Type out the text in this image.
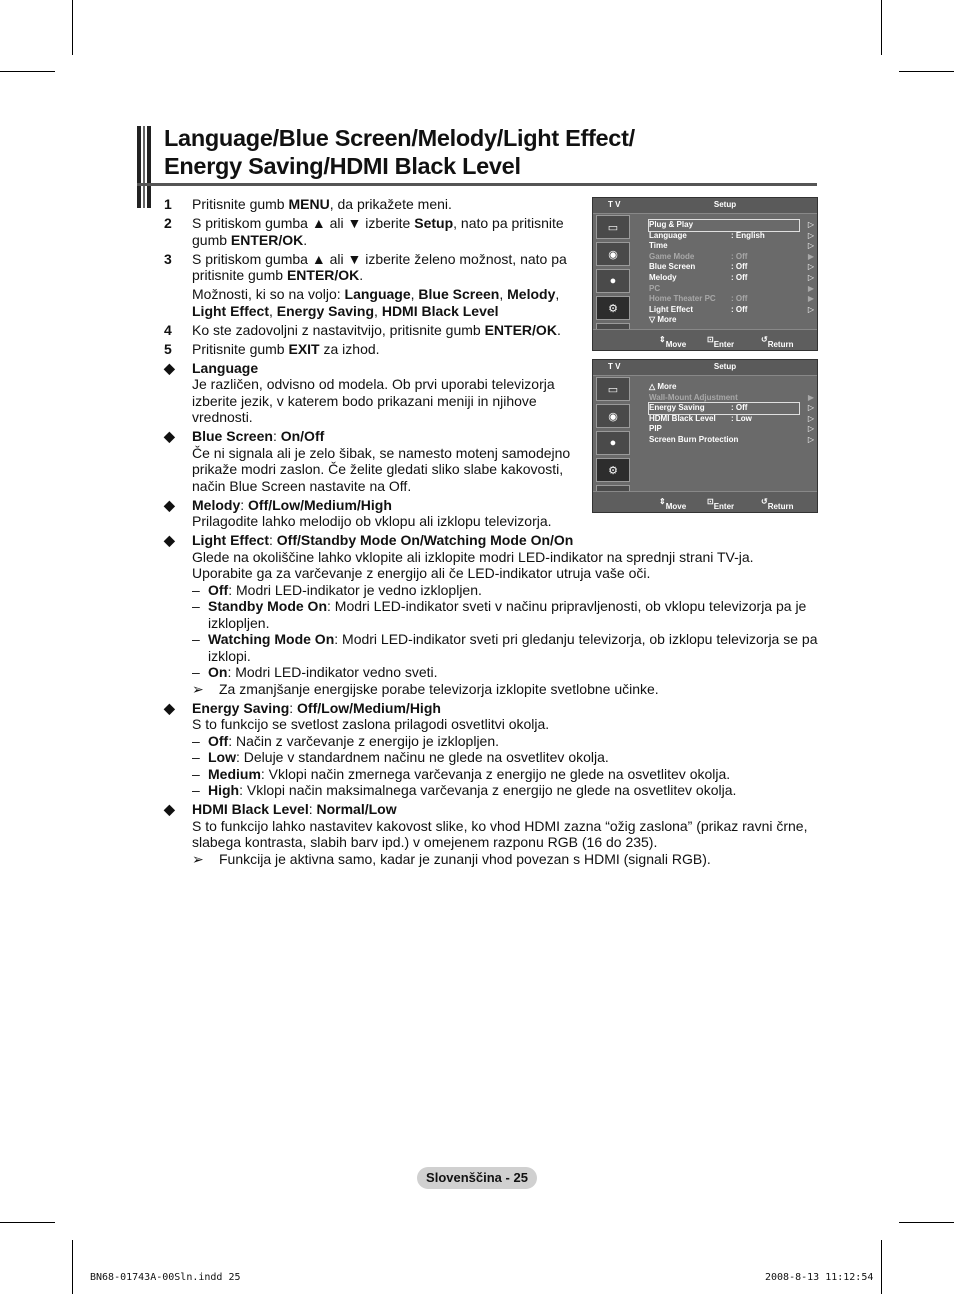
Language/Blue Screen/Melody/Light Effect/
Energy Saving/HDMI Black Level
1	Pritisnite gumb MENU, da prikažete meni.
2	S pritiskom gumba ▲ ali ▼ izberite Setup, nato pa pritisnite gumb ENTER/OK.
3	S pritiskom gumba ▲ ali ▼ izberite želeno možnost, nato pa pritisnite gumb ENTER/OK.
Možnosti, ki so na voljo: Language, Blue Screen, Melody, Light Effect, Energy Saving, HDMI Black Level
4	Ko ste zadovoljni z nastavitvijo, pritisnite gumb ENTER/OK.
5	Pritisnite gumb EXIT za izhod.
◆	Language
Je različen, odvisno od modela. Ob prvi uporabi televizorja izberite jezik, v katerem bodo prikazani meniji in njihove vrednosti.
◆	Blue Screen: On/Off
Če ni signala ali je zelo šibak, se namesto motenj samodejno prikaže modri zaslon. Če želite gledati sliko slabe kakovosti, način Blue Screen nastavite na Off.
◆	Melody: Off/Low/Medium/High
Prilagodite lahko melodijo ob vklopu ali izklopu televizorja.
◆	Light Effect: Off/Standby Mode On/Watching Mode On/On
Glede na okoliščine lahko vklopite ali izklopite modri LED-indikator na sprednji strani TV-ja. Uporabite ga za varčevanje z energijo ali če LED-indikator utruja vaše oči.
– Off: Modri LED-indikator je vedno izklopljen.
– Standby Mode On: Modri LED-indikator sveti v načinu pripravljenosti, ob vklopu televizorja pa je izklopljen.
– Watching Mode On: Modri LED-indikator sveti pri gledanju televizorja, ob izklopu televizorja se pa izklopi.
– On: Modri LED-indikator vedno sveti.
➢	Za zmanjšanje energijske porabe televizorja izklopite svetlobne učinke.
◆	Energy Saving: Off/Low/Medium/High
S to funkcijo se svetlost zaslona prilagodi osvetlitvi okolja.
– Off: Način z varčevanje z energijo je izklopljen.
– Low: Deluje v standardnem načinu ne glede na osvetlitev okolja.
– Medium: Vklopi način zmernega varčevanja z energijo ne glede na osvetlitev okolja.
– High: Vklopi način maksimalnega varčevanja z energijo ne glede na osvetlitev okolja.
◆	HDMI Black Level: Normal/Low
S to funkcijo lahko nastavitev kakovost slike, ko vhod HDMI zazna “ožig zaslona” (prikaz ravni črne, slabega kontrasta, slabih barv ipd.) v omejenem razponu RGB (16 do 235).
➢	Funkcija je aktivna samo, kadar je zunanji vhod povezan s HDMI (signali RGB).
T V	Setup
▭
◉
●
⚙
Plug & Play	▷
Language	: English	▷
Time	▷
Game Mode	: Off	▶
Blue Screen	: Off	▷
Melody	: Off	▷
PC	▶
Home Theater PC : Off	▶
Light Effect	: Off	▷
▽ More
⇕
Move
⊡
Enter
↺
Return
T V	Setup
▭
◉
●
⚙
△ More
Wall-Mount Adjustment	▶
Energy Saving	: Off	▷
HDMI Black Level : Low	▷
PIP	▷
Screen Burn Protection	▷
⇕
Move
⊡
Enter
↺
Return
Slovenščina - 25
BN68-01743A-00Sln.indd 25	2008-8-13 11:12:54
